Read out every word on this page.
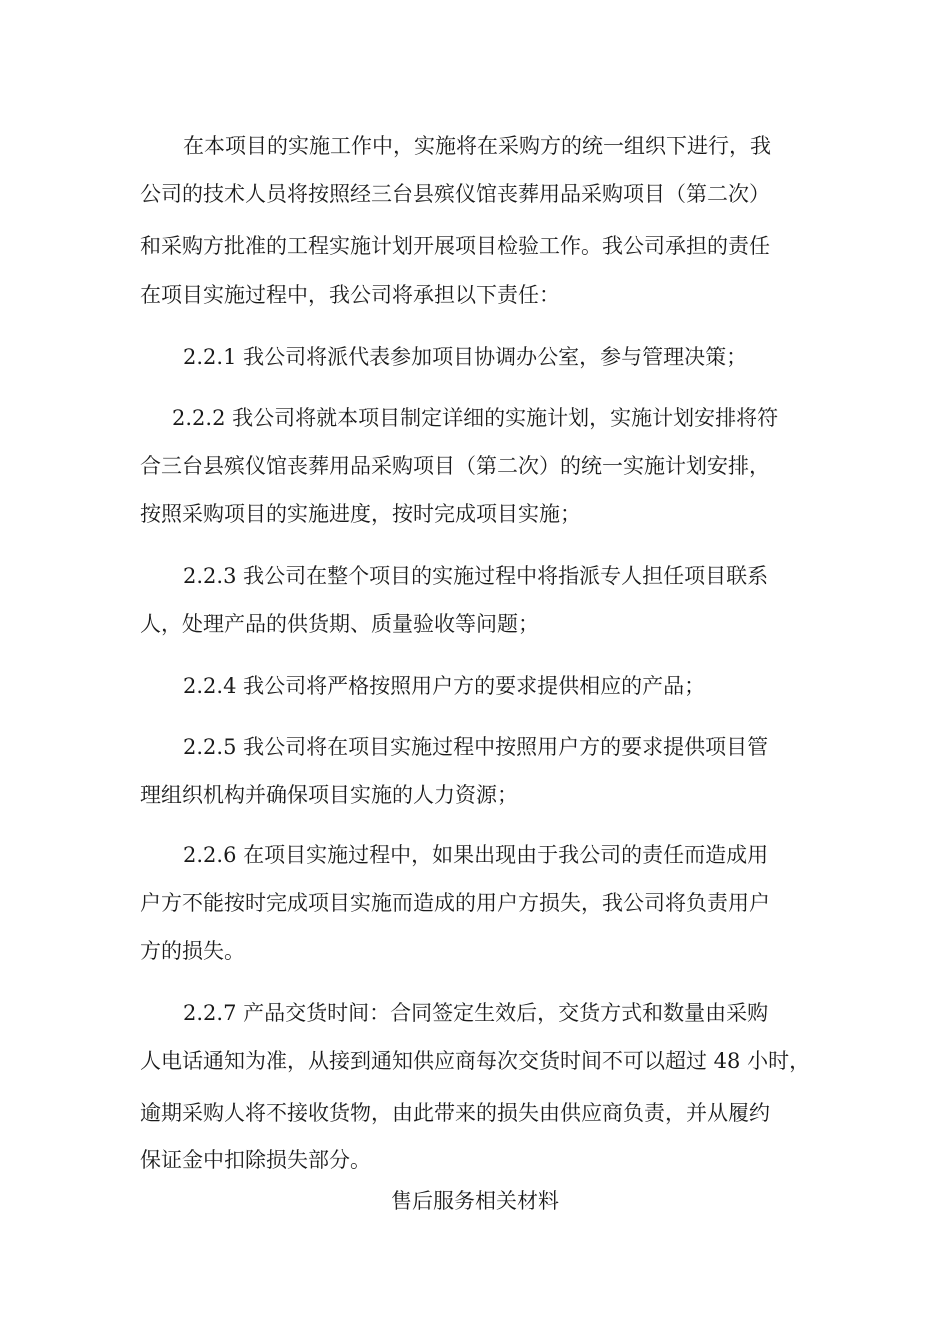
在本项目的实施工作中，实施将在采购方的统一组织下进行，我

公司的技术人员将按照经三台县殡仪馆丧葬用品采购项目（第二次）

和采购方批准的工程实施计划开展项目检验工作。我公司承担的责任

在项目实施过程中，我公司将承担以下责任：

2.2.1 我公司将派代表参加项目协调办公室，参与管理决策；

2.2.2 我公司将就本项目制定详细的实施计划，实施计划安排将符

合三台县殡仪馆丧葬用品采购项目（第二次）的统一实施计划安排，

按照采购项目的实施进度，按时完成项目实施；

2.2.3 我公司在整个项目的实施过程中将指派专人担任项目联系

人，处理产品的供货期、质量验收等问题；

2.2.4 我公司将严格按照用户方的要求提供相应的产品；

2.2.5 我公司将在项目实施过程中按照用户方的要求提供项目管

理组织机构并确保项目实施的人力资源；

2.2.6 在项目实施过程中，如果出现由于我公司的责任而造成用

户方不能按时完成项目实施而造成的用户方损失，我公司将负责用户

方的损失。

2.2.7 产品交货时间：合同签定生效后，交货方式和数量由采购

人电话通知为准，从接到通知供应商每次交货时间不可以超过 48 小时，

逾期采购人将不接收货物，由此带来的损失由供应商负责，并从履约

保证金中扣除损失部分。

售后服务相关材料
